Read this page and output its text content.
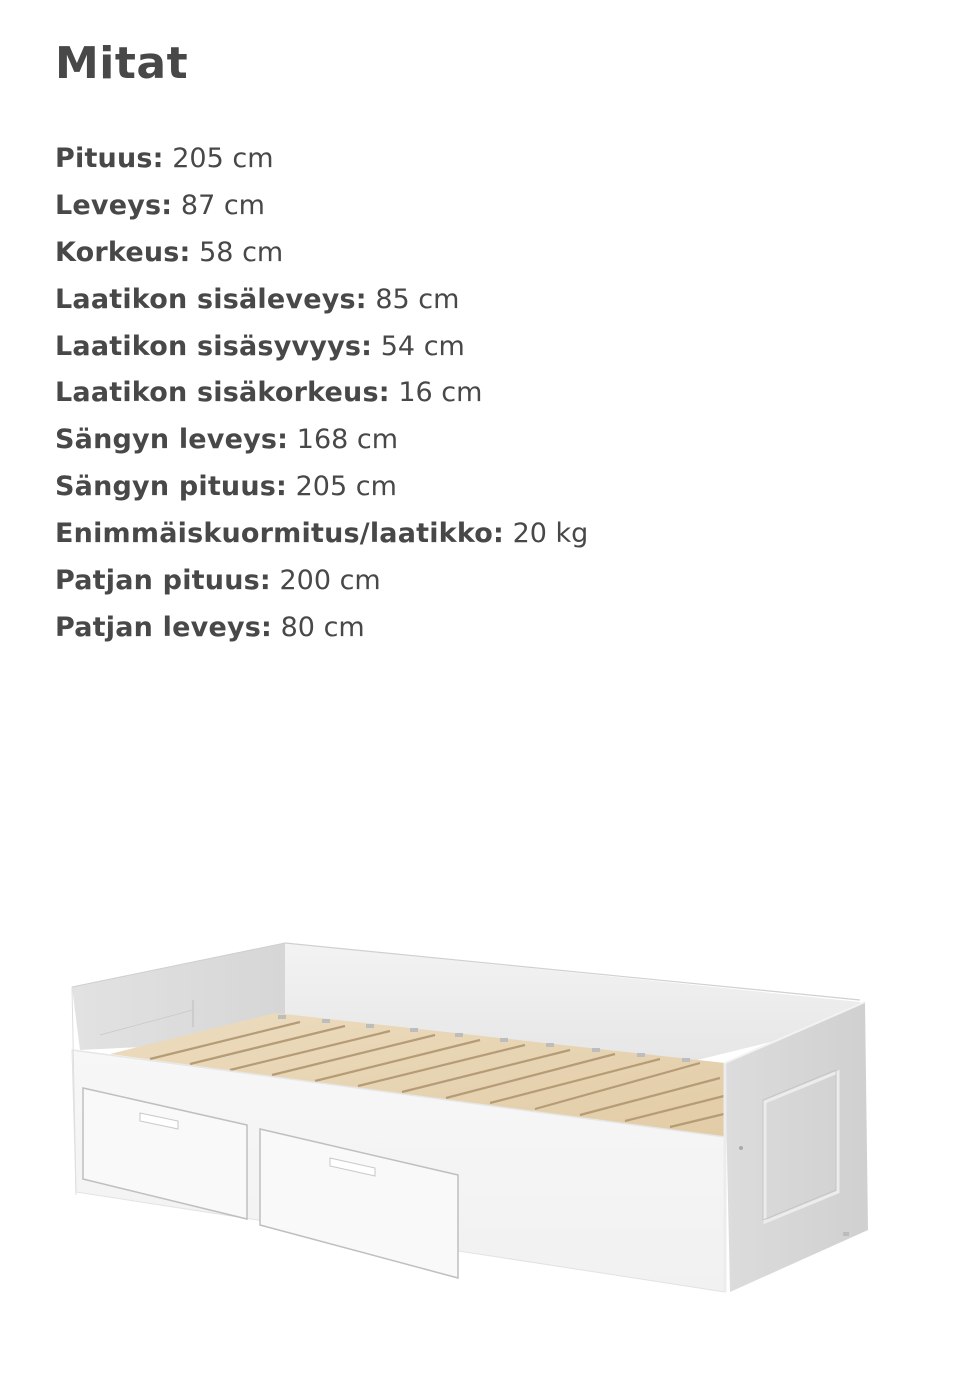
Mitat
Pituus: 205 cm
Leveys: 87 cm
Korkeus: 58 cm
Laatikon sisäleveys: 85 cm
Laatikon sisäsyvyys: 54 cm
Laatikon sisäkorkeus: 16 cm
Sängyn leveys: 168 cm
Sängyn pituus: 205 cm
Enimmäiskuormitus/laatikko: 20 kg
Patjan pituus: 200 cm
Patjan leveys: 80 cm
